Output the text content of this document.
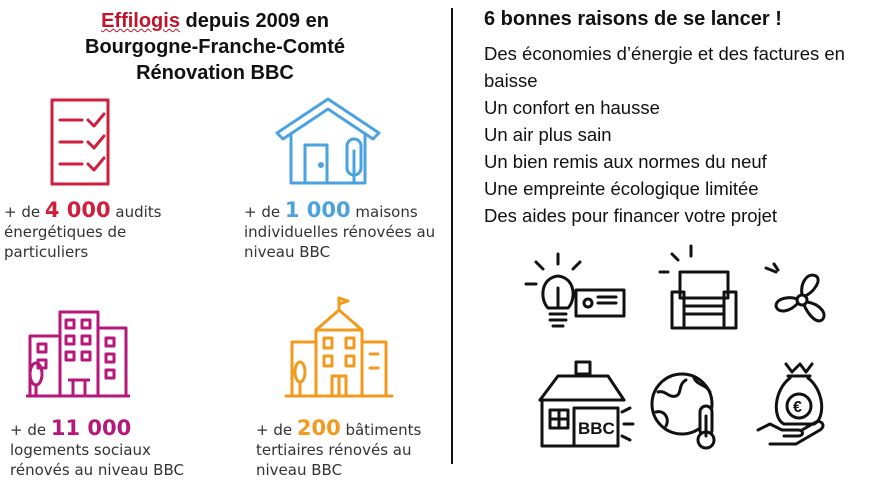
Effilogis depuis 2009 en
Bourgogne-Franche-Comté
Rénovation BBC
+ de 4 000 audits
énergétiques de
particuliers
+ de 1 000 maisons
individuelles rénovées au
niveau BBC
+ de 11 000
logements sociaux
rénovés au niveau BBC
+ de 200 bâtiments
tertiaires rénovés au
niveau BBC
6 bonnes raisons de se lancer !
Des économies d’énergie et des factures en
baisse
Un confort en hausse
Un air plus sain
Un bien remis aux normes du neuf
Une empreinte écologique limitée
Des aides pour financer votre projet
BBC
€
